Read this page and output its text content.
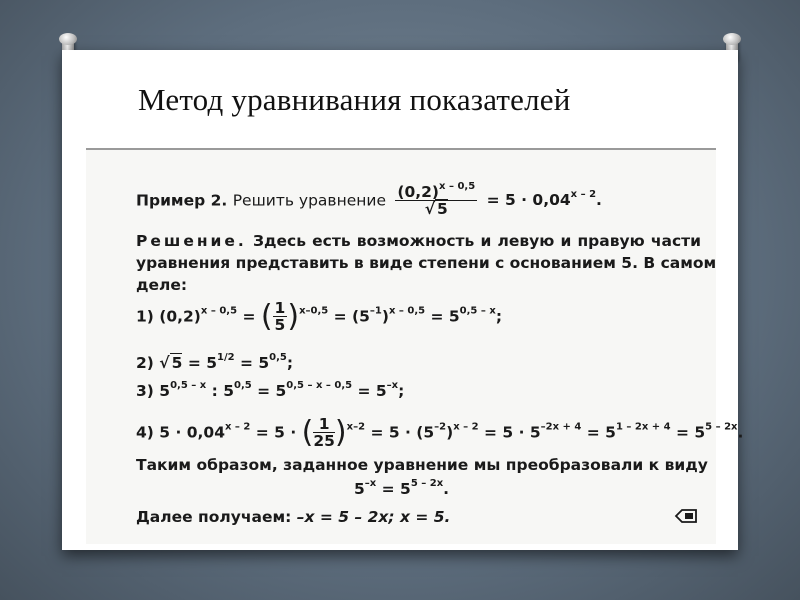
Метод уравнивания показателей
Пример 2. Решить уравнение $\frac{(0,2)^{x - 0,5}}{√ 5} = 5 \cdot 0,04^{x - 2}$.
Решение. Здесь есть возможность и левую и правую части
уравнения представить в виде степени с основанием 5. В самом
деле:
1) $(0,2)^{x - 0,5}$ = ( $\frac{1}{5} )^{x-0,5} = (5^{-1})^{x - 0,5} = 5^{0,5 - x}$;
2) √ $5 = 5^{1/2} = 5^{0,5}$;
3) 5$^{0,5 - x}$ : $5^{0,5} = 5^{0,5 - x - 0,5} = 5^{-x}$;
4) $5 \cdot 0,04^{x - 2} = 5$ · ( $\frac{1}{25} )^{x-2} = 5 \cdot (5^{-2})^{x - 2} = 5 \cdot 5^{-2x + 4} = 5^{1 - 2x + 4} = 5^{5 - 2x}$.
Таким образом, заданное уравнение мы преобразовали к виду
$5^{-x} = 5^{5 - 2x}$.
Далее получаем: –x = 5 – 2x; x = 5.
